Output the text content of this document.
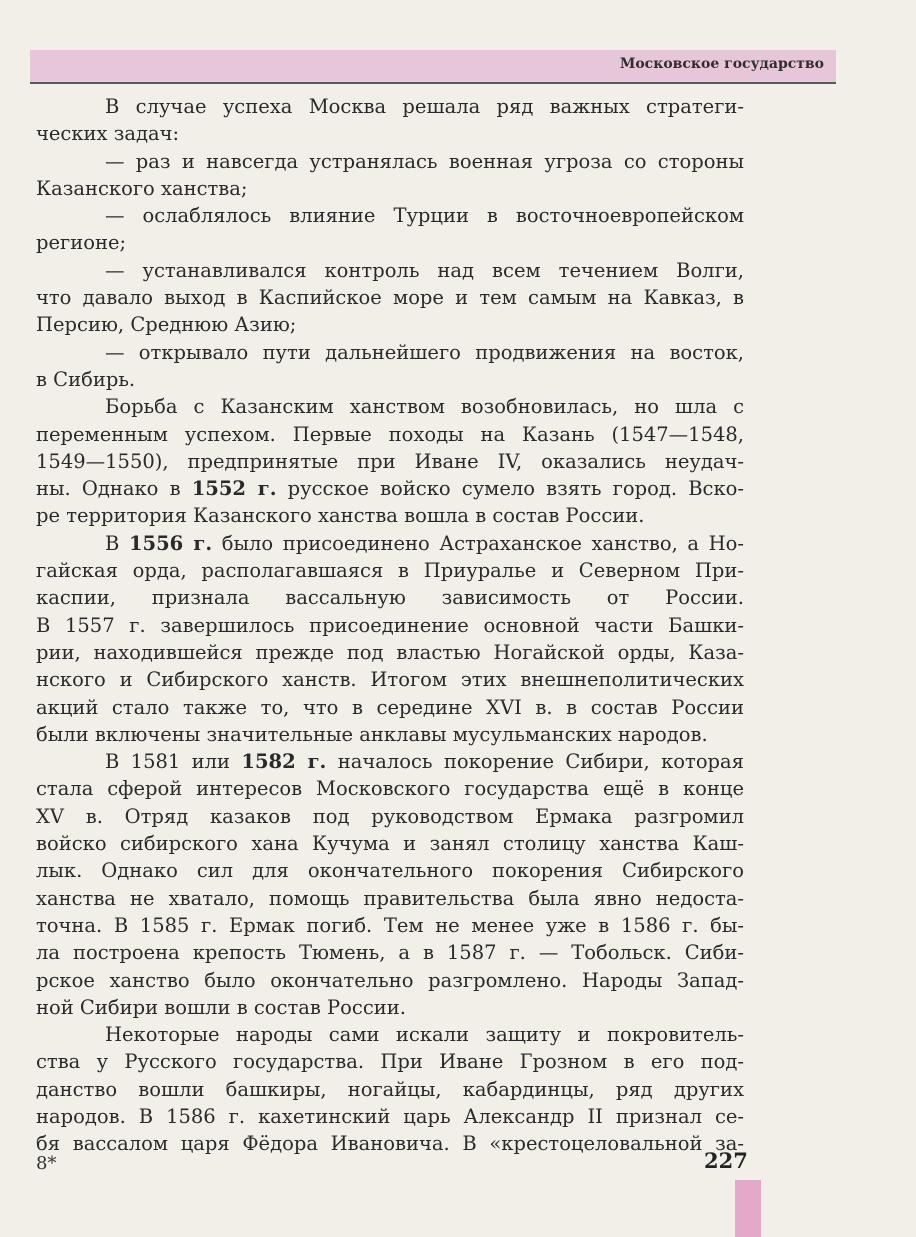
Московское государство
В случае успеха Москва решала ряд важных стратеги-
ческих задач:
— раз и навсегда устранялась военная угроза со стороны
Казанского ханства;
— ослаблялось влияние Турции в восточноевропейском
регионе;
— устанавливался контроль над всем течением Волги,
что давало выход в Каспийское море и тем самым на Кавказ, в
Персию, Среднюю Азию;
— открывало пути дальнейшего продвижения на восток,
в Сибирь.
Борьба с Казанским ханством возобновилась, но шла с
переменным успехом. Первые походы на Казань (1547—1548,
1549—1550), предпринятые при Иване IV, оказались неудач-
ны. Однако в 1552 г. русское войско сумело взять город. Вско-
ре территория Казанского ханства вошла в состав России.
В 1556 г. было присоединено Астраханское ханство, а Но-
гайская орда, располагавшаяся в Приуралье и Северном При-
каспии, признала вассальную зависимость от России.
В 1557 г. завершилось присоединение основной части Башки-
рии, находившейся прежде под властью Ногайской орды, Каза-
нского и Сибирского ханств. Итогом этих внешнеполитических
акций стало также то, что в середине XVI в. в состав России
были включены значительные анклавы мусульманских народов.
В 1581 или 1582 г. началось покорение Сибири, которая
стала сферой интересов Московского государства ещё в конце
XV в. Отряд казаков под руководством Ермака разгромил
войско сибирского хана Кучума и занял столицу ханства Каш-
лык. Однако сил для окончательного покорения Сибирского
ханства не хватало, помощь правительства была явно недоста-
точна. В 1585 г. Ермак погиб. Тем не менее уже в 1586 г. бы-
ла построена крепость Тюмень, а в 1587 г. — Тобольск. Сиби-
рское ханство было окончательно разгромлено. Народы Запад-
ной Сибири вошли в состав России.
Некоторые народы сами искали защиту и покровитель-
ства у Русского государства. При Иване Грозном в его под-
данство вошли башкиры, ногайцы, кабардинцы, ряд других
народов. В 1586 г. кахетинский царь Александр II признал се-
бя вассалом царя Фёдора Ивановича. В «крестоцеловальной за-
8*	227
